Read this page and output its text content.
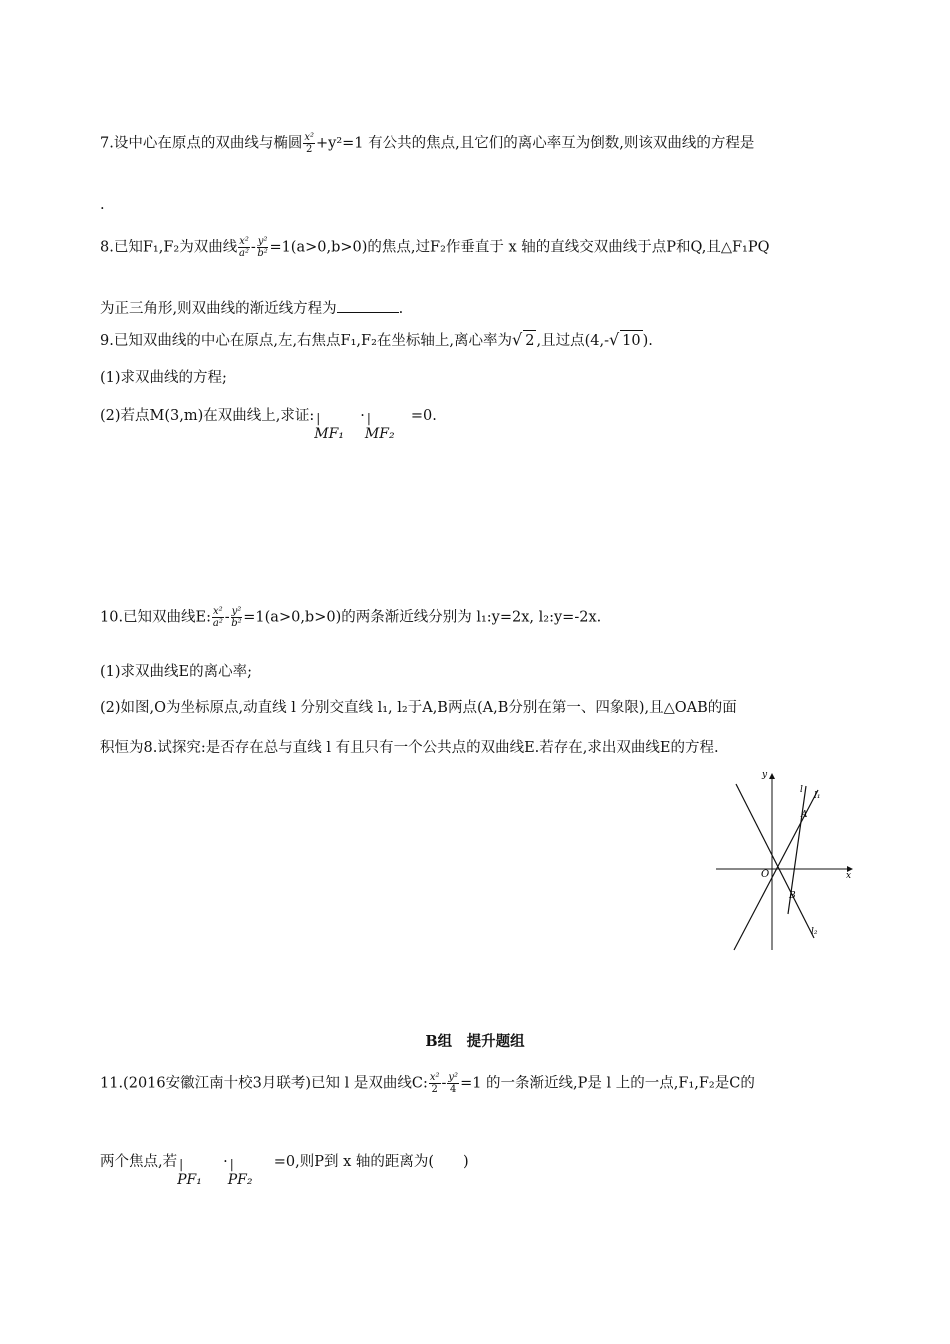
7.设中心在原点的双曲线与椭圆 $\frac{\text{x²}}{2} +y^2=1$ 有公共的焦点,且它们的离心率互为倒数,则该双曲线的方程是
.
8.已知F₁,F₂为双曲线 $\frac{\text{x²}}{\text{a²}} - \frac{\text{y²}}{\text{b²}} =1(a>0,b>0)$的焦点,过F₂作垂直于 x 轴的直线交双曲线于点P和Q,且△F₁PQ
为正三角形,则双曲线的渐近线方程为	.
9.已知双曲线的中心在原点,左,右焦点F₁,F₂在坐标轴上,离心率为√ 2 ,且过点(4,-√ 10 ).
(1)求双曲线的方程;
(2)若点M(3,m)在双曲线上,求证: |
MF₁
· |
MF₂
=0.
10.已知双曲线E: $\frac{\text{x²}}{\text{a²}} - \frac{\text{y²}}{\text{b²}} =1(a>0,b>0)$的两条渐近线分别为 l₁:y=2x, l₂:y=-2x.
(1)求双曲线E的离心率;
(2)如图,O为坐标原点,动直线 l 分别交直线 l₁, l₂于A,B两点(A,B分别在第一、四象限),且△OAB的面
积恒为8.试探究:是否存在总与直线 l 有且只有一个公共点的双曲线E.若存在,求出双曲线E的方程.
y
x
O
A
B
l
l₁
l₂
B组　提升题组
11.(2016安徽江南十校3月联考)已知 l 是双曲线C: $\frac{\text{x²}}{2} - \frac{\text{y²}}{4} =1$ 的一条渐近线,P是 l 上的一点,F₁,F₂是C的
两个焦点,若 |
PF₁
· |
PF₂
=0,则P到 x 轴的距离为(　　)
